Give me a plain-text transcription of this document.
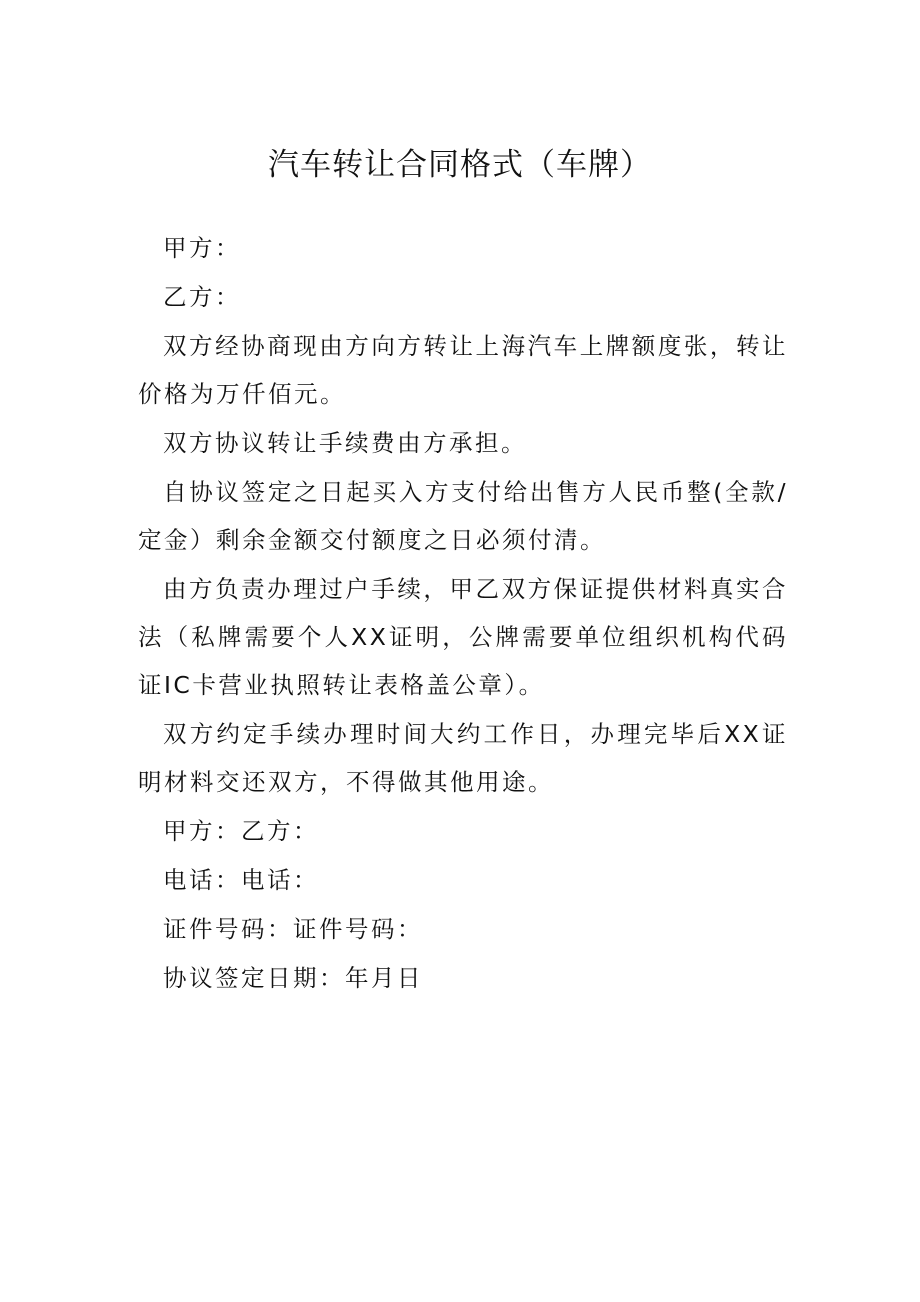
汽车转让合同格式（车牌）

甲方：

乙方：

双方经协商现由方向方转让上海汽车上牌额度张，转让价格为万仟佰元。

双方协议转让手续费由方承担。

自协议签定之日起买入方支付给出售方人民币整(全款/定金）剩余金额交付额度之日必须付清。

由方负责办理过户手续，甲乙双方保证提供材料真实合法（私牌需要个人XX证明，公牌需要单位组织机构代码证IC卡营业执照转让表格盖公章）。

双方约定手续办理时间大约工作日，办理完毕后XX证明材料交还双方，不得做其他用途。

甲方：乙方：

电话：电话：

证件号码：证件号码：

协议签定日期：年月日
